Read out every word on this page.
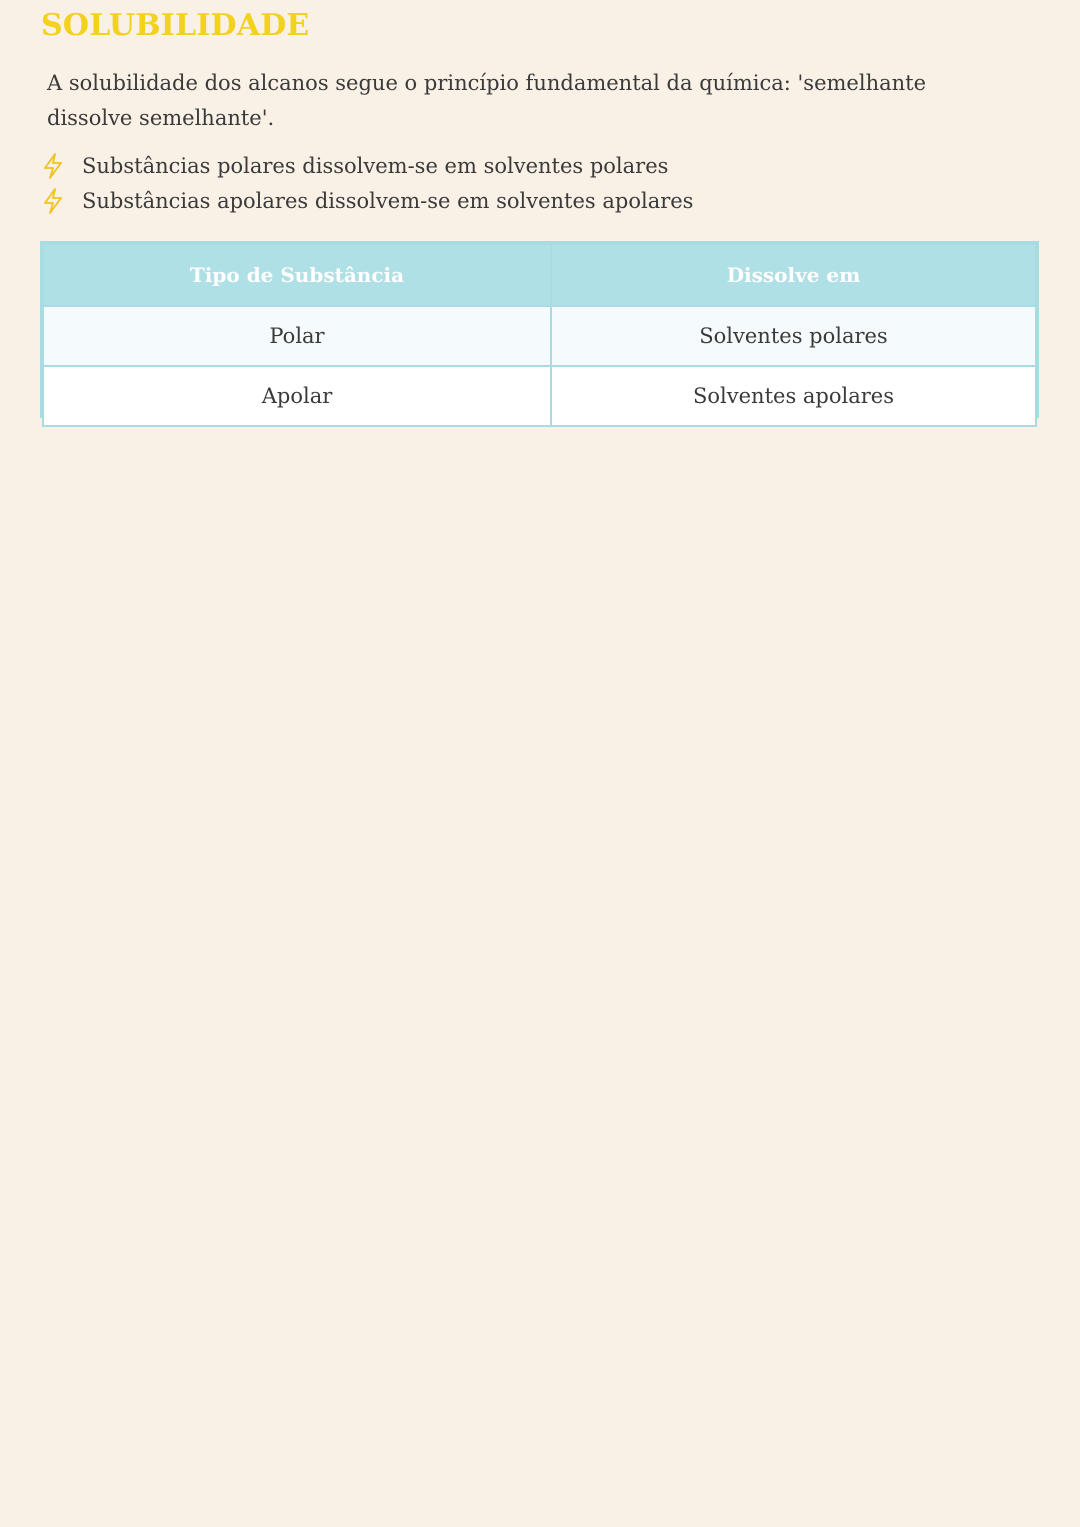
SOLUBILIDADE

A solubilidade dos alcanos segue o princípio fundamental da química: 'semelhante dissolve semelhante'.

Substâncias polares dissolvem-se em solventes polares
Substâncias apolares dissolvem-se em solventes apolares
Tipo de Substância	Dissolve em
Polar	Solventes polares
Apolar	Solventes apolares
